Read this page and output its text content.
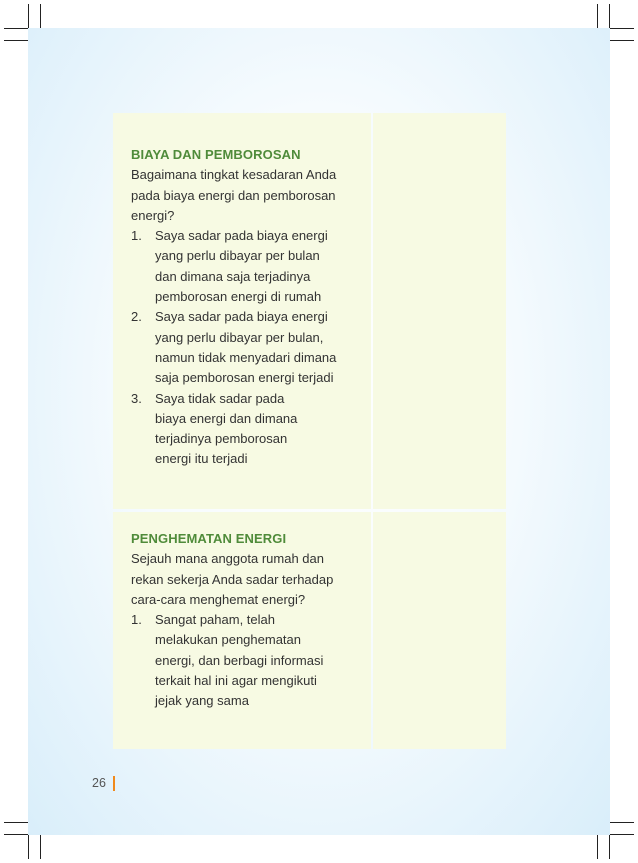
BIAYA DAN PEMBOROSAN
Bagaimana tingkat kesadaran Anda
pada biaya energi dan pemborosan
energi?
1.	Saya sadar pada biaya energi
yang perlu dibayar per bulan
dan dimana saja terjadinya
pemborosan energi di rumah
2.	Saya sadar pada biaya energi
yang perlu dibayar per bulan,
namun tidak menyadari dimana
saja pemborosan energi terjadi
3.	Saya tidak sadar pada
biaya energi dan dimana
terjadinya pemborosan
energi itu terjadi
PENGHEMATAN ENERGI
Sejauh mana anggota rumah dan
rekan sekerja Anda sadar terhadap
cara-cara menghemat energi?
1.	Sangat paham, telah
melakukan penghematan
energi, dan berbagi informasi
terkait hal ini agar mengikuti
jejak yang sama
26
